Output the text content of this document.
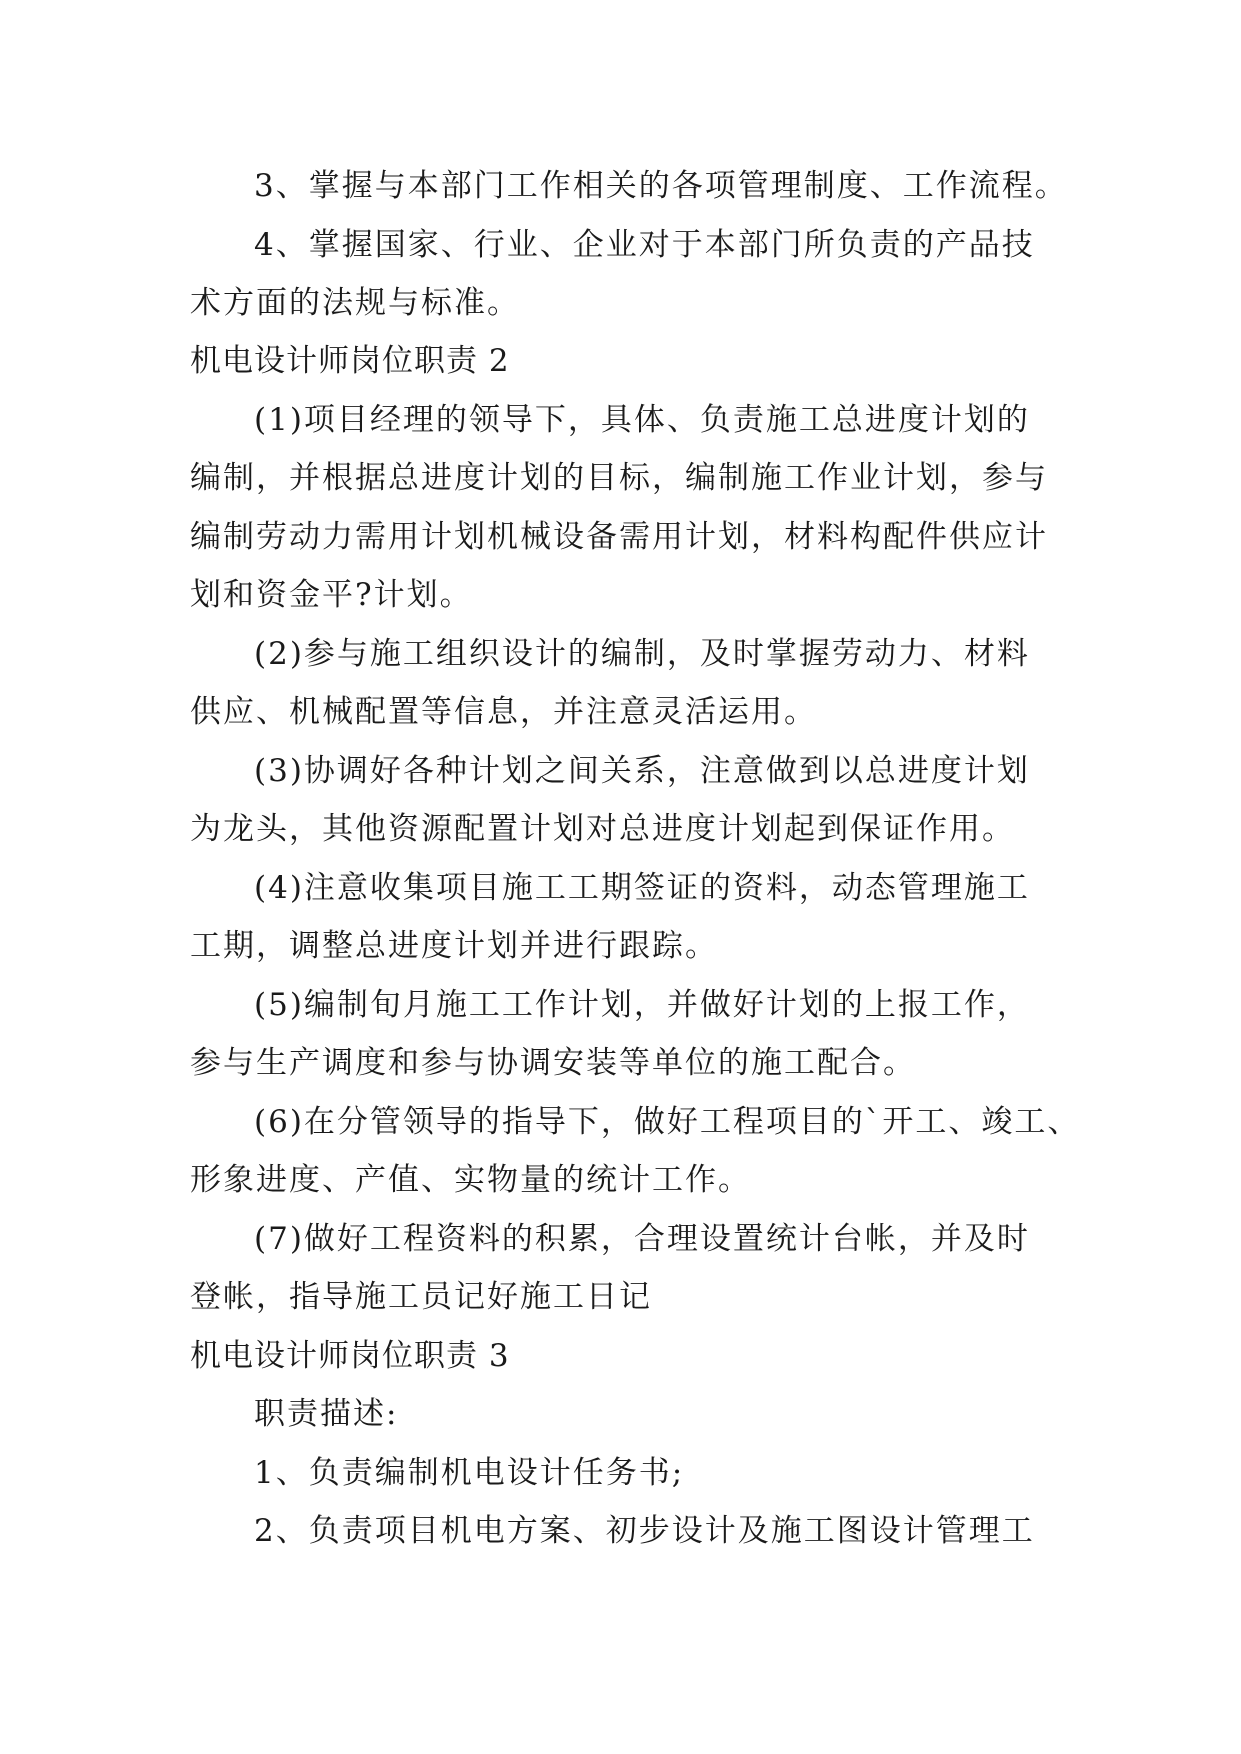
3、掌握与本部门工作相关的各项管理制度、工作流程。
4、掌握国家、行业、企业对于本部门所负责的产品技
术方面的法规与标准。
机电设计师岗位职责 2
(1)项目经理的领导下，具体、负责施工总进度计划的
编制，并根据总进度计划的目标，编制施工作业计划，参与
编制劳动力需用计划机械设备需用计划，材料构配件供应计
划和资金平?计划。
(2)参与施工组织设计的编制，及时掌握劳动力、材料
供应、机械配置等信息，并注意灵活运用。
(3)协调好各种计划之间关系，注意做到以总进度计划
为龙头，其他资源配置计划对总进度计划起到保证作用。
(4)注意收集项目施工工期签证的资料，动态管理施工
工期，调整总进度计划并进行跟踪。
(5)编制旬月施工工作计划，并做好计划的上报工作，
参与生产调度和参与协调安装等单位的施工配合。
(6)在分管领导的指导下，做好工程项目的`开工、竣工、
形象进度、产值、实物量的统计工作。
(7)做好工程资料的积累，合理设置统计台帐，并及时
登帐，指导施工员记好施工日记
机电设计师岗位职责 3
职责描述:
1、负责编制机电设计任务书;
2、负责项目机电方案、初步设计及施工图设计管理工
